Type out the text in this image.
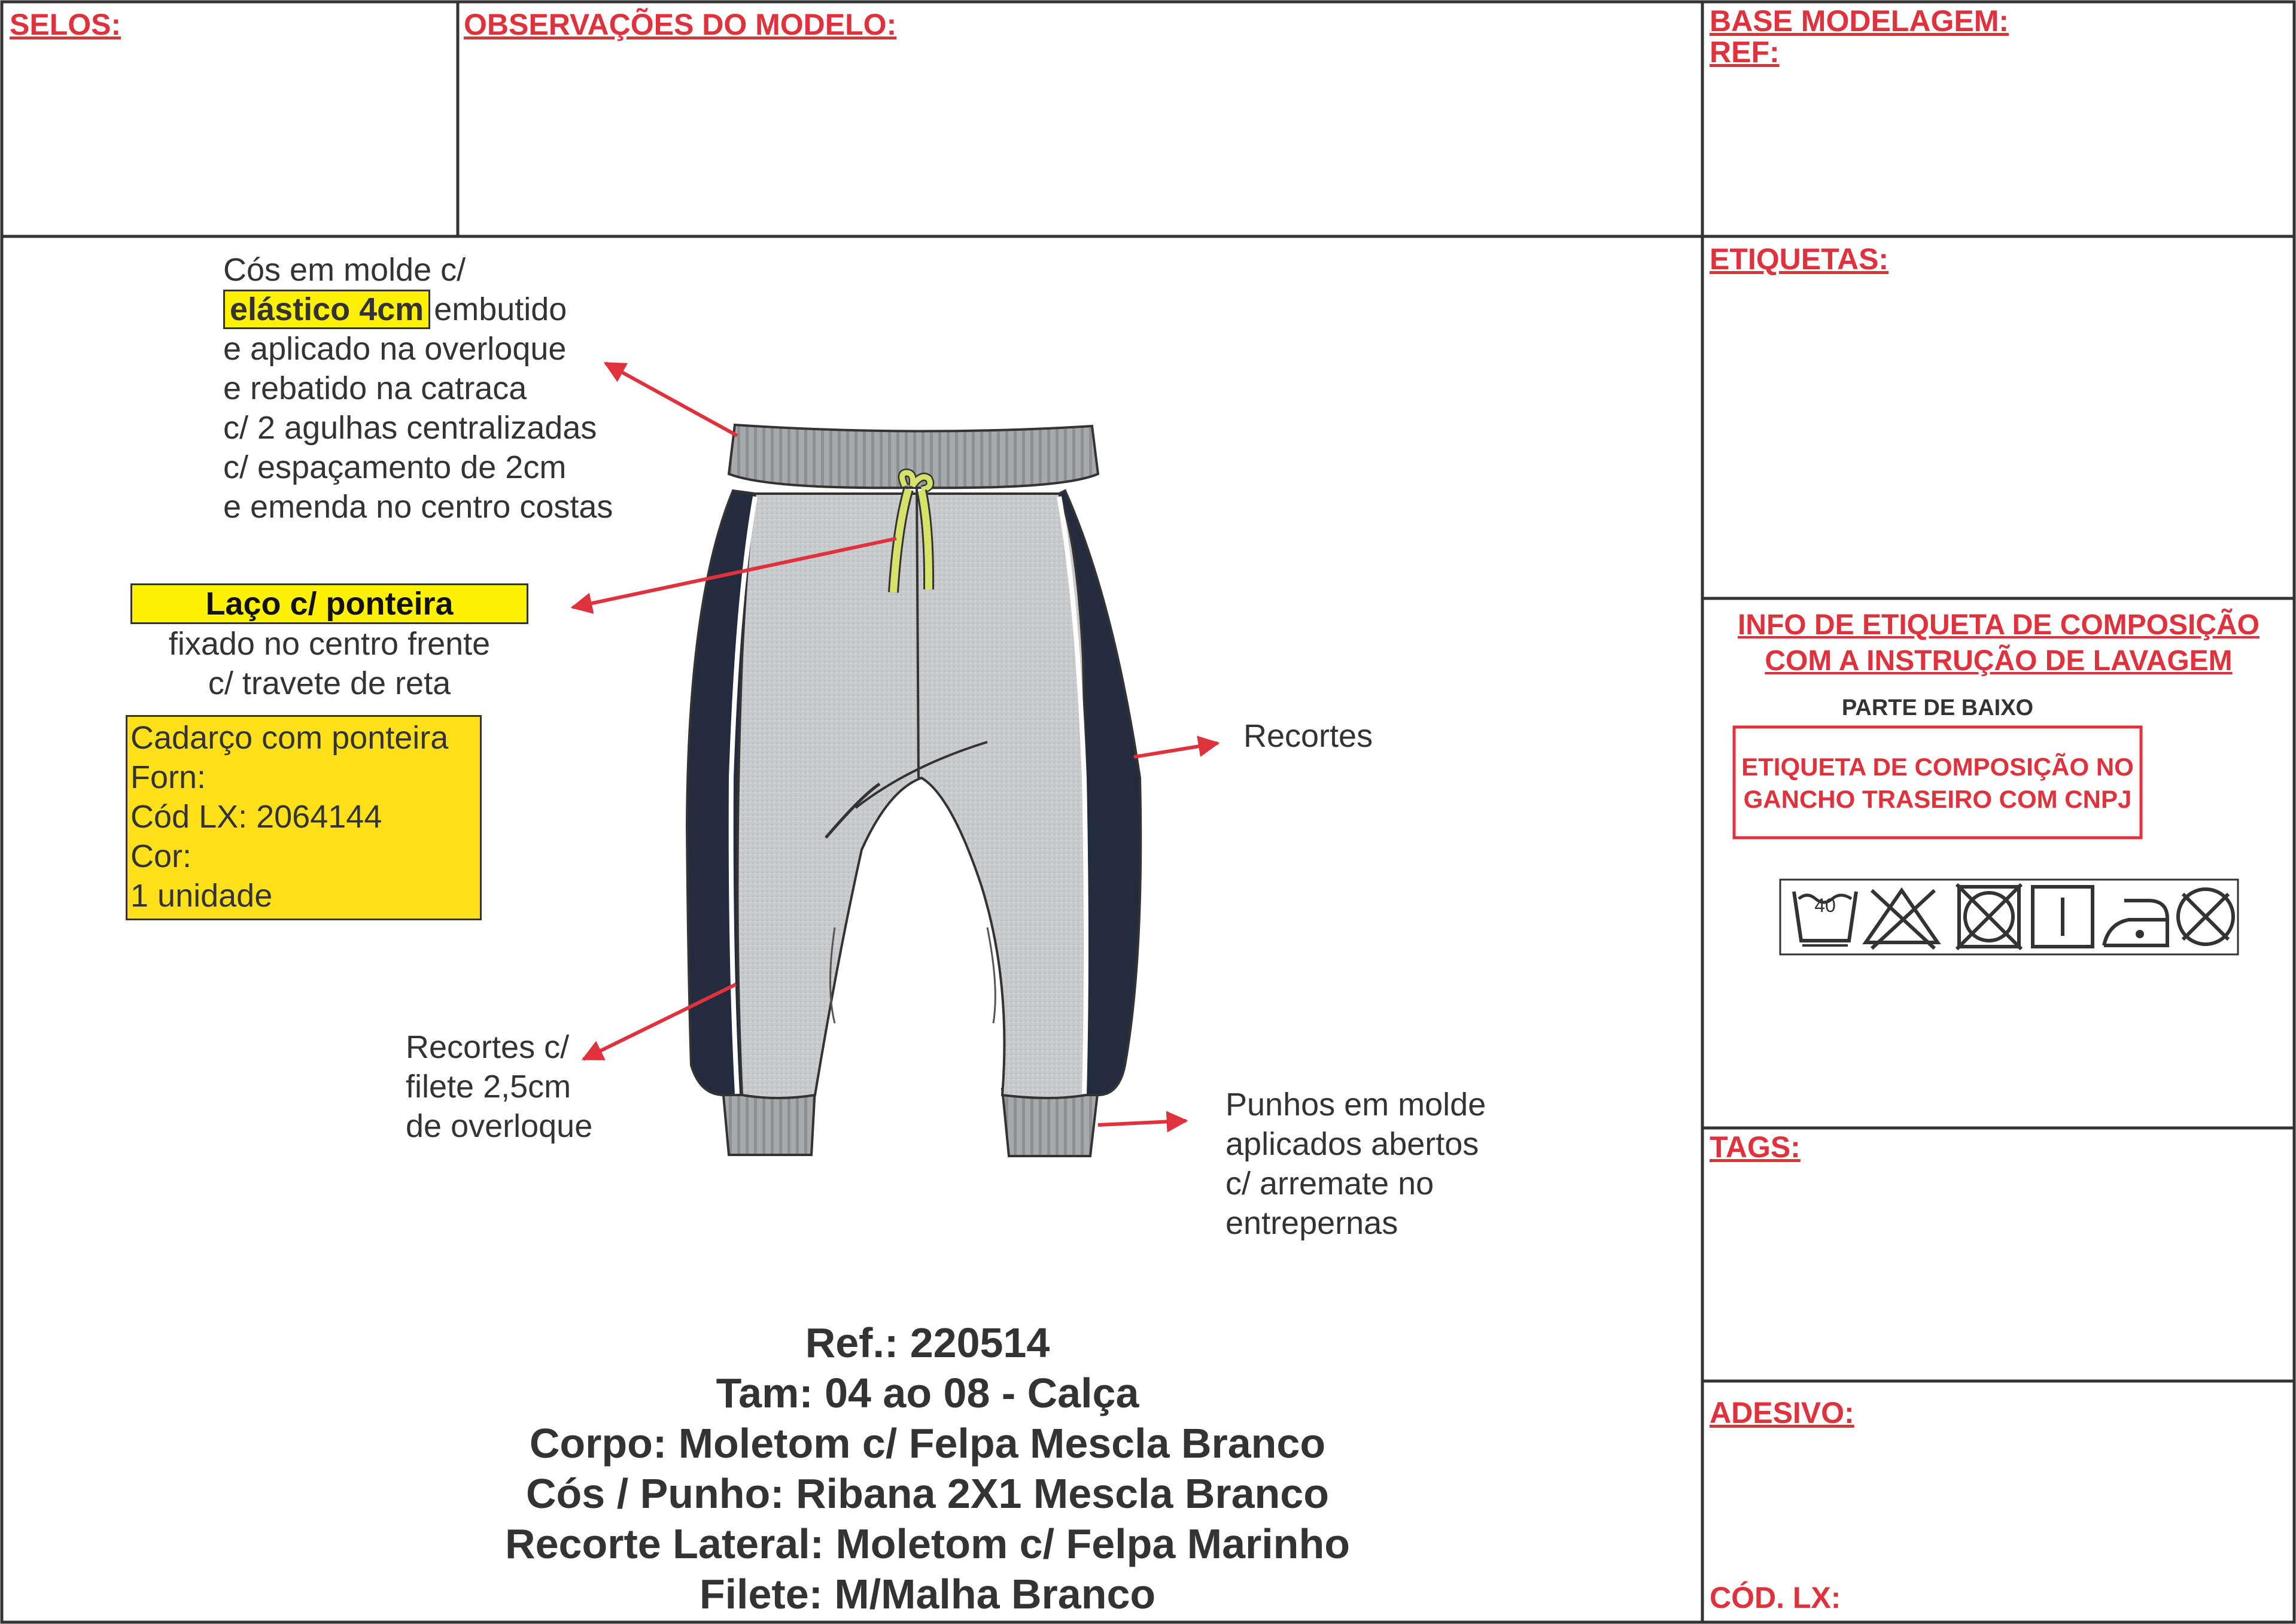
SELOS:	OBSERVAÇÕES DO MODELO:	BASE MODELAGEM:
REF:
ETIQUETAS:
INFO DE ETIQUETA DE COMPOSIÇÃO
COM A INSTRUÇÃO DE LAVAGEM
PARTE DE BAIXO
ETIQUETA DE COMPOSIÇÃO NO
GANCHO TRASEIRO COM CNPJ
40
TAGS:
ADESIVO:
CÓD. LX:
Cós em molde c/
elástico 4cm embutido
e aplicado na overloque
e rebatido na catraca
c/ 2 agulhas centralizadas
c/ espaçamento de 2cm
e emenda no centro costas
Laço c/ ponteira
fixado no centro frente
c/ travete de reta
Cadarço com ponteira
Forn:
Cód LX: 2064144
Cor:
1 unidade
Recortes
Recortes c/
filete 2,5cm
de overloque
Punhos em molde
aplicados abertos
c/ arremate no
entrepernas
Ref.: 220514
Tam: 04 ao 08 - Calça
Corpo: Moletom c/ Felpa Mescla Branco
Cós / Punho: Ribana 2X1 Mescla Branco
Recorte Lateral: Moletom c/ Felpa Marinho
Filete: M/Malha Branco
